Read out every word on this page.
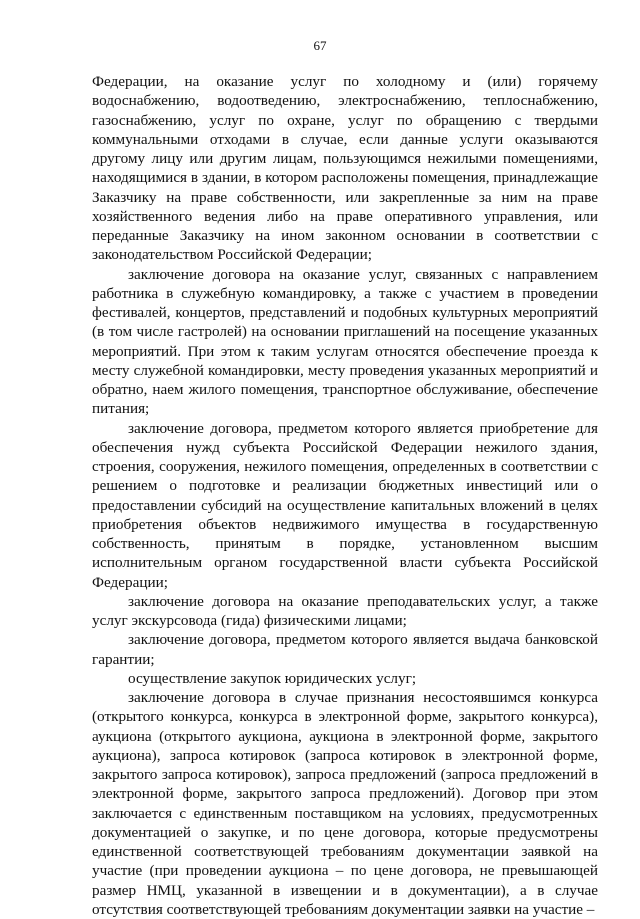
67

Федерации, на оказание услуг по холодному и (или) горячему водоснабжению, водоотведению, электроснабжению, теплоснабжению, газоснабжению, услуг по охране, услуг по обращению с твердыми коммунальными отходами в случае, если данные услуги оказываются другому лицу или другим лицам, пользующимся нежилыми помещениями, находящимися в здании, в котором расположены помещения, принадлежащие Заказчику на праве собственности, или закрепленные за ним на праве хозяйственного ведения либо на праве оперативного управления, или переданные Заказчику на ином законном основании в соответствии с законодательством Российской Федерации;

заключение договора на оказание услуг, связанных с направлением работника в служебную командировку, а также с участием в проведении фестивалей, концертов, представлений и подобных культурных мероприятий (в том числе гастролей) на основании приглашений на посещение указанных мероприятий. При этом к таким услугам относятся обеспечение проезда к месту служебной командировки, месту проведения указанных мероприятий и обратно, наем жилого помещения, транспортное обслуживание, обеспечение питания;

заключение договора, предметом которого является приобретение для обеспечения нужд субъекта Российской Федерации нежилого здания, строения, сооружения, нежилого помещения, определенных в соответствии с решением о подготовке и реализации бюджетных инвестиций или о предоставлении субсидий на осуществление капитальных вложений в целях приобретения объектов недвижимого имущества в государственную собственность, принятым в порядке, установленном высшим исполнительным органом государственной власти субъекта Российской Федерации;

заключение договора на оказание преподавательских услуг, а также услуг экскурсовода (гида) физическими лицами;

заключение договора, предметом которого является выдача банковской гарантии;

осуществление закупок юридических услуг;

заключение договора в случае признания несостоявшимся конкурса (открытого конкурса, конкурса в электронной форме, закрытого конкурса), аукциона (открытого аукциона, аукциона в электронной форме, закрытого аукциона), запроса котировок (запроса котировок в электронной форме, закрытого запроса котировок), запроса предложений (запроса предложений в электронной форме, закрытого запроса предложений). Договор при этом заключается с единственным поставщиком на условиях, предусмотренных документацией о закупке, и по цене договора, которые предусмотрены единственной соответствующей требованиям документации заявкой на участие (при проведении аукциона – по цене договора, не превышающей размер НМЦ, указанной в извещении и в документации), а в случае отсутствия соответствующей требованиям документации заявки на участие –
